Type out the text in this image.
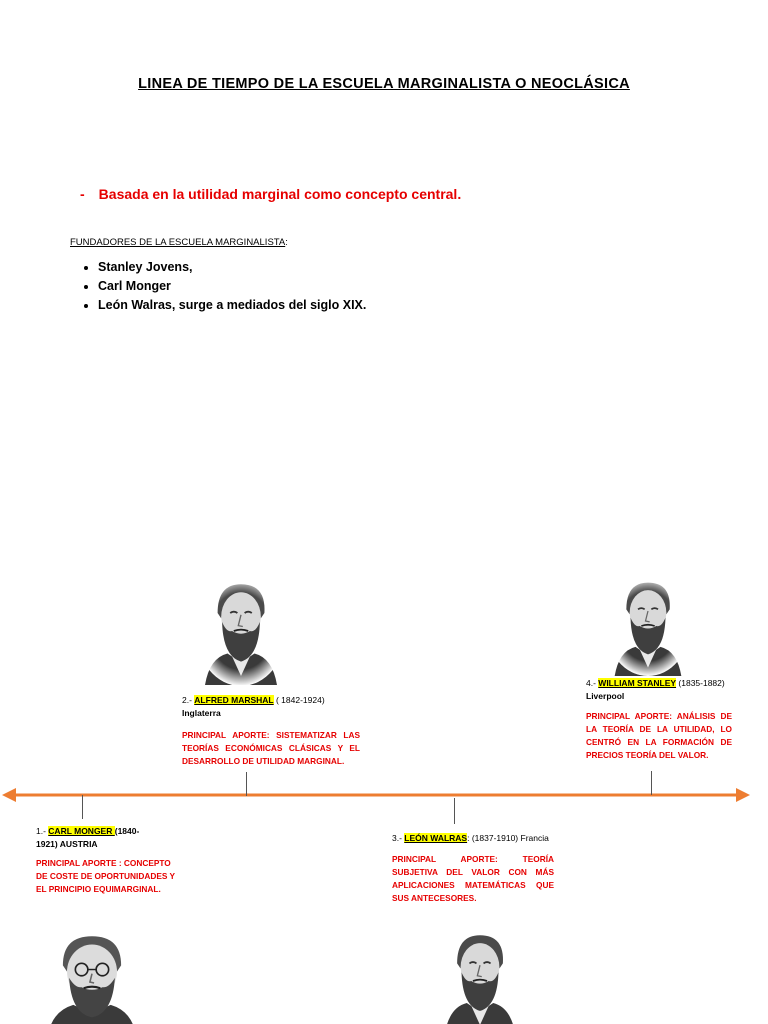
LINEA DE TIEMPO DE LA ESCUELA MARGINALISTA O NEOCLÁSICA
- Basada en la utilidad marginal como concepto central.
FUNDADORES DE LA ESCUELA MARGINALISTA:
• Stanley Jovens,
• Carl Monger
• León Walras, surge a mediados del siglo XIX.
2.- ALFRED MARSHAL ( 1842-1924)
Inglaterra
PRINCIPAL APORTE: SISTEMATIZAR LAS TEORÍAS ECONÓMICAS CLÁSICAS Y EL DESARROLLO DE UTILIDAD MARGINAL.
4.- WILLIAM STANLEY (1835-1882)
Liverpool
PRINCIPAL APORTE: ANÁLISIS DE LA TEORÍA DE LA UTILIDAD, LO CENTRÓ EN LA FORMACIÓN DE PRECIOS TEORÍA DEL VALOR.
1.- CARL MONGER (1840-
1921) AUSTRIA
PRINCIPAL APORTE : CONCEPTO DE COSTE DE OPORTUNIDADES Y EL PRINCIPIO EQUIMARGINAL.
3.- LEÓN WALRAS: (1837-1910) Francia
PRINCIPAL APORTE: TEORÍA SUBJETIVA DEL VALOR CON MÁS APLICACIONES MATEMÁTICAS QUE SUS ANTECESORES.
